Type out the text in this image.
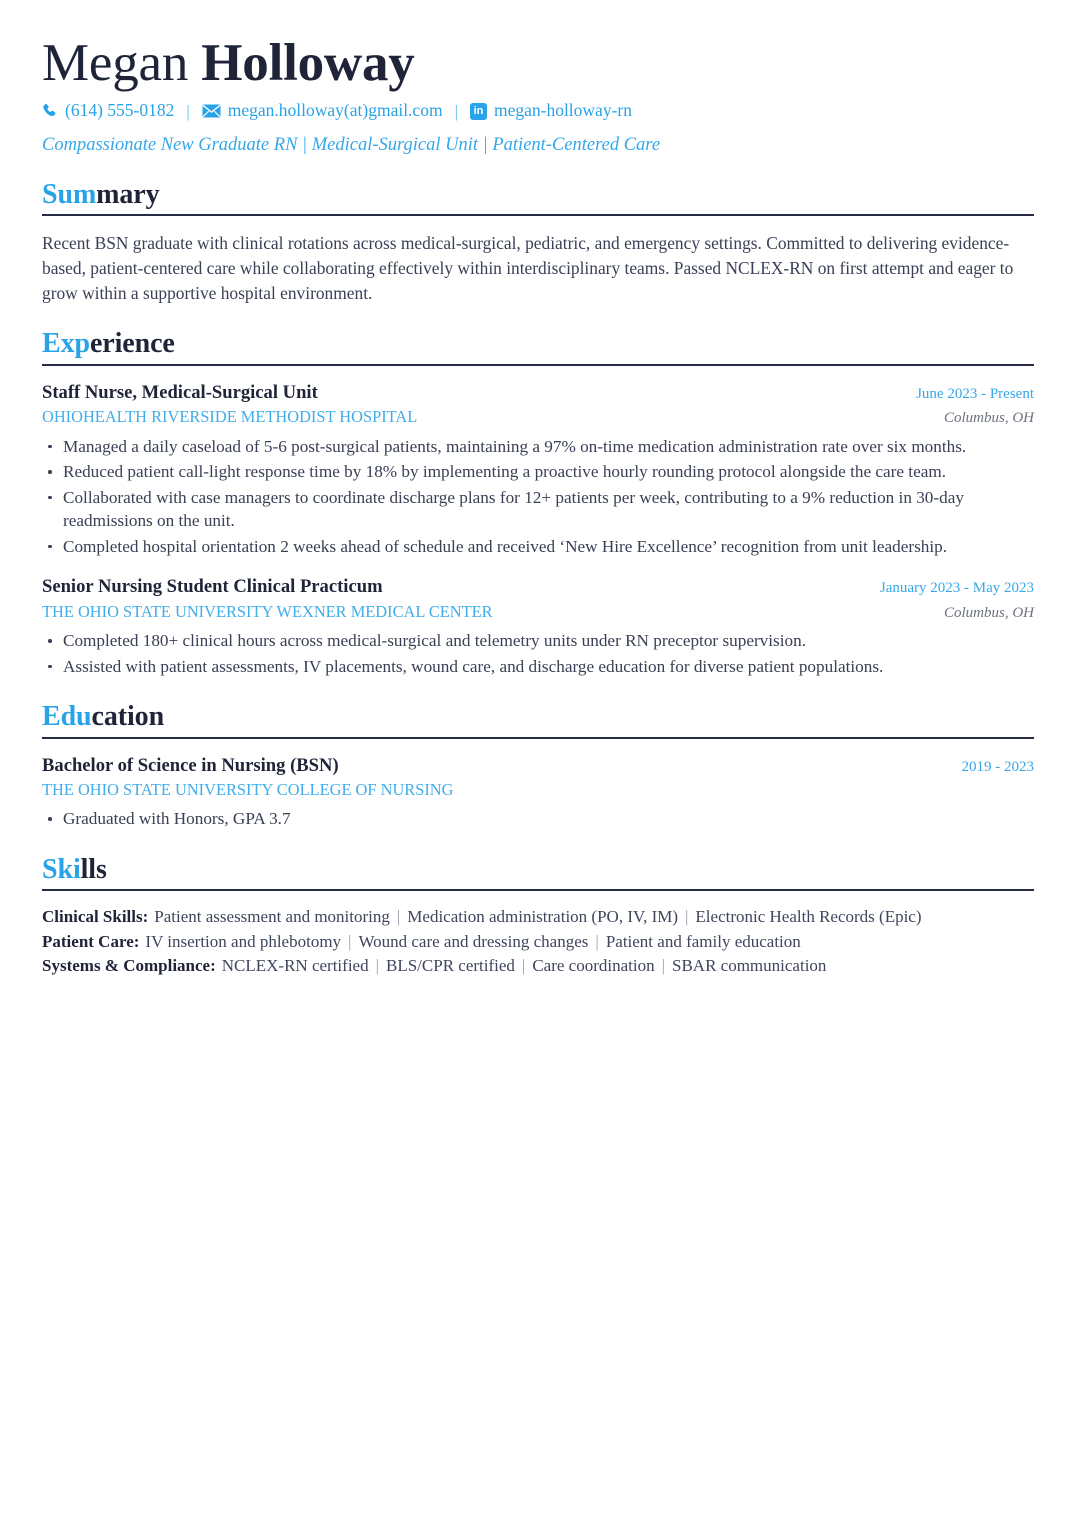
Megan Holloway
(614) 555-0182 | megan.holloway(at)gmail.com |	in megan-holloway-rn
Compassionate New Graduate RN | Medical-Surgical Unit | Patient-Centered Care
Summary

Recent BSN graduate with clinical rotations across medical-surgical, pediatric, and emergency settings. Committed to delivering evidence-based, patient-centered care while collaborating effectively within interdisciplinary teams. Passed NCLEX-RN on first attempt and eager to grow within a supportive hospital environment.

Experience
Staff Nurse, Medical-Surgical Unit	June 2023 - Present
OHIOHEALTH RIVERSIDE METHODIST HOSPITAL	Columbus, OH
Managed a daily caseload of 5-6 post-surgical patients, maintaining a 97% on-time medication administration rate over six months.
Reduced patient call-light response time by 18% by implementing a proactive hourly rounding protocol alongside the care team.
Collaborated with case managers to coordinate discharge plans for 12+ patients per week, contributing to a 9% reduction in 30-day readmissions on the unit.
Completed hospital orientation 2 weeks ahead of schedule and received ‘New Hire Excellence’ recognition from unit leadership.
Senior Nursing Student Clinical Practicum	January 2023 - May 2023
THE OHIO STATE UNIVERSITY WEXNER MEDICAL CENTER	Columbus, OH
Completed 180+ clinical hours across medical-surgical and telemetry units under RN preceptor supervision.
Assisted with patient assessments, IV placements, wound care, and discharge education for diverse patient populations.
Education
Bachelor of Science in Nursing (BSN)	2019 - 2023
THE OHIO STATE UNIVERSITY COLLEGE OF NURSING
Graduated with Honors, GPA 3.7
Skills
Clinical Skills: Patient assessment and monitoring | Medication administration (PO, IV, IM) | Electronic Health Records (Epic)
Patient Care: IV insertion and phlebotomy | Wound care and dressing changes | Patient and family education
Systems & Compliance: NCLEX-RN certified | BLS/CPR certified | Care coordination | SBAR communication
